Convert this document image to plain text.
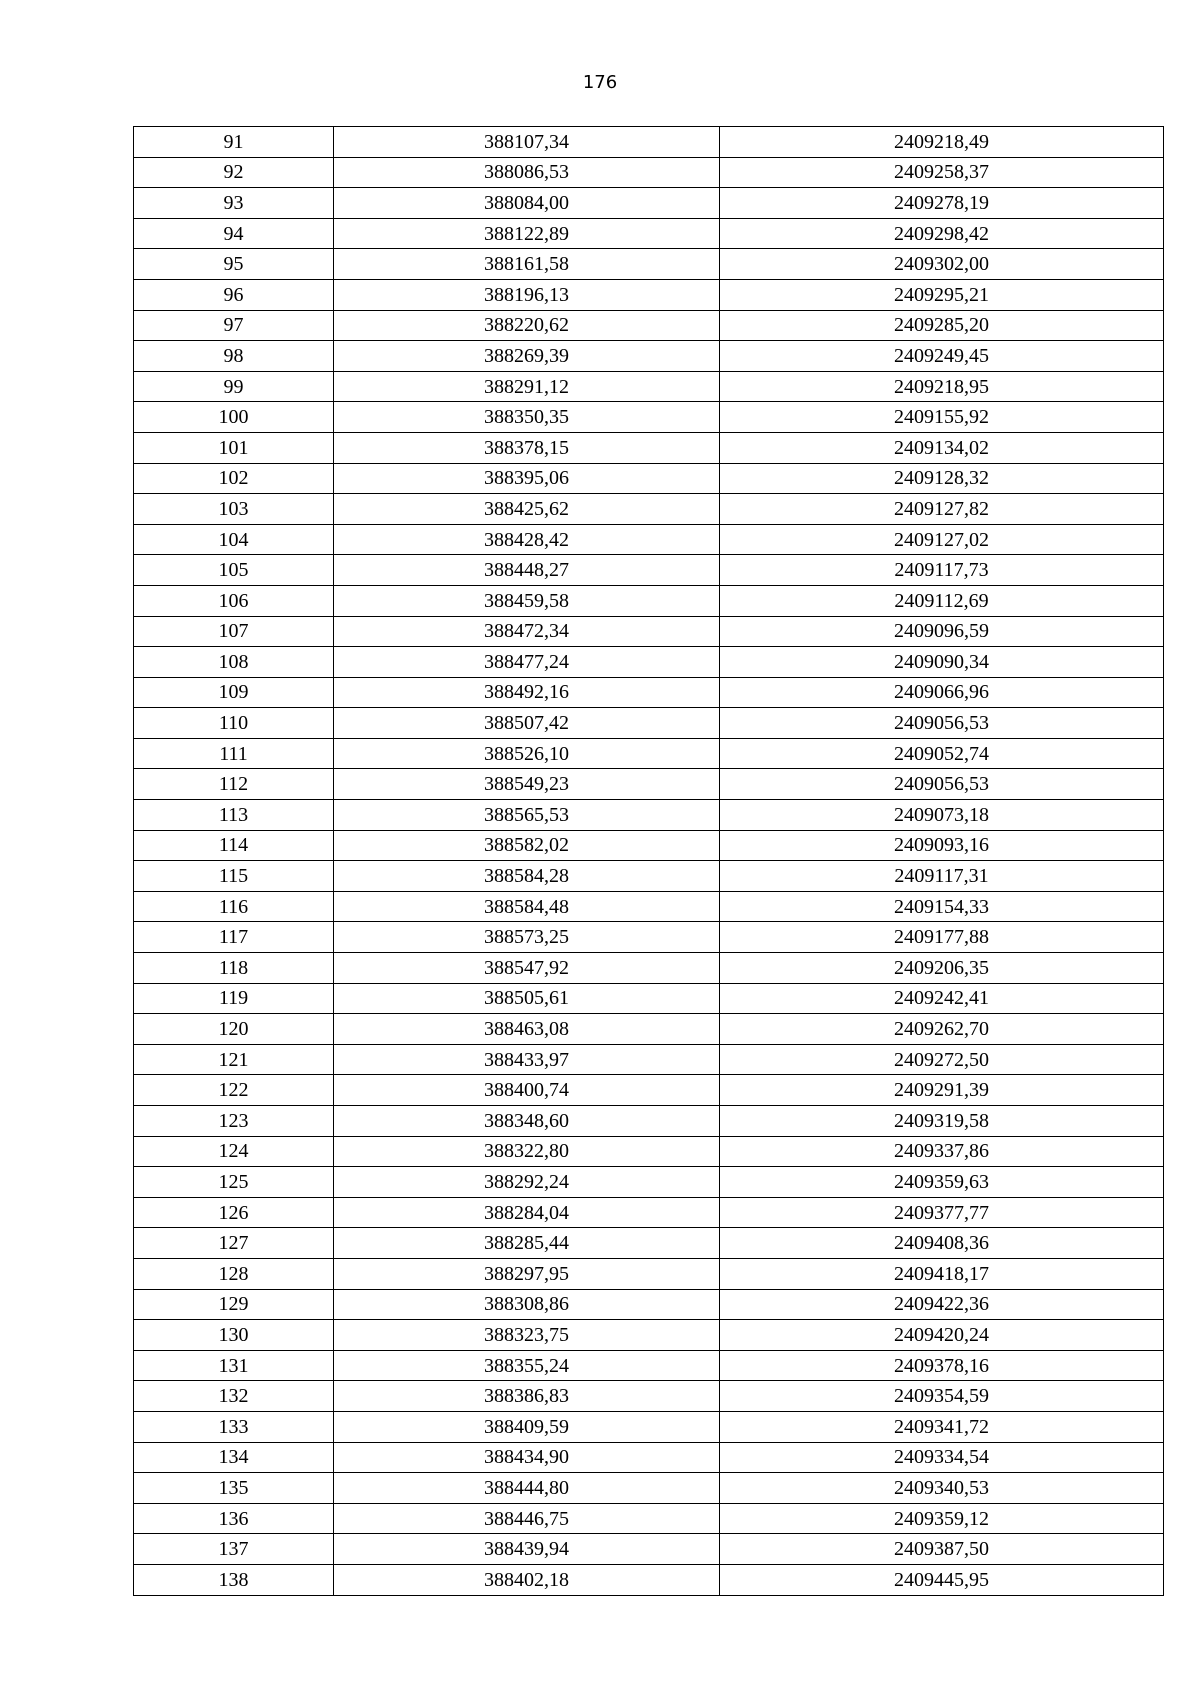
176
91	388107,34	2409218,49
92	388086,53	2409258,37
93	388084,00	2409278,19
94	388122,89	2409298,42
95	388161,58	2409302,00
96	388196,13	2409295,21
97	388220,62	2409285,20
98	388269,39	2409249,45
99	388291,12	2409218,95
100	388350,35	2409155,92
101	388378,15	2409134,02
102	388395,06	2409128,32
103	388425,62	2409127,82
104	388428,42	2409127,02
105	388448,27	2409117,73
106	388459,58	2409112,69
107	388472,34	2409096,59
108	388477,24	2409090,34
109	388492,16	2409066,96
110	388507,42	2409056,53
111	388526,10	2409052,74
112	388549,23	2409056,53
113	388565,53	2409073,18
114	388582,02	2409093,16
115	388584,28	2409117,31
116	388584,48	2409154,33
117	388573,25	2409177,88
118	388547,92	2409206,35
119	388505,61	2409242,41
120	388463,08	2409262,70
121	388433,97	2409272,50
122	388400,74	2409291,39
123	388348,60	2409319,58
124	388322,80	2409337,86
125	388292,24	2409359,63
126	388284,04	2409377,77
127	388285,44	2409408,36
128	388297,95	2409418,17
129	388308,86	2409422,36
130	388323,75	2409420,24
131	388355,24	2409378,16
132	388386,83	2409354,59
133	388409,59	2409341,72
134	388434,90	2409334,54
135	388444,80	2409340,53
136	388446,75	2409359,12
137	388439,94	2409387,50
138	388402,18	2409445,95
